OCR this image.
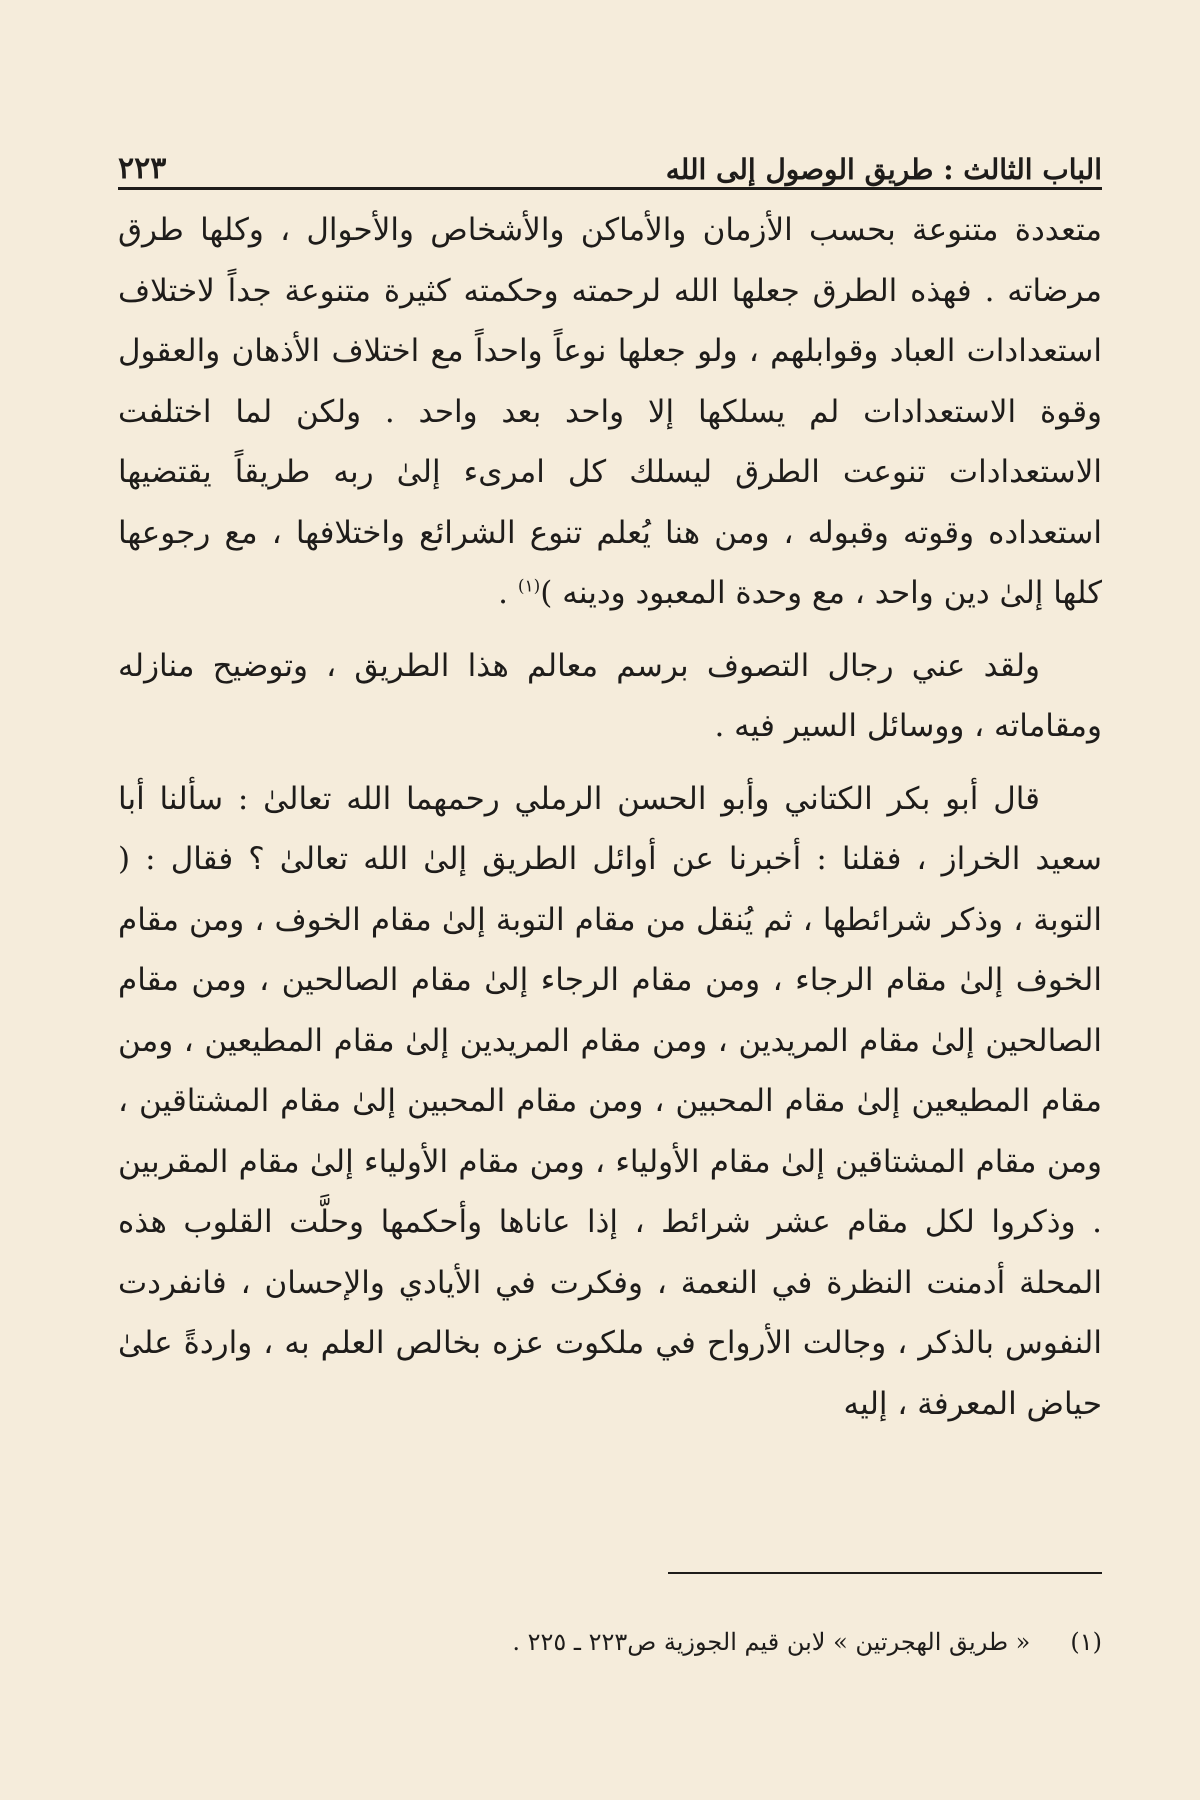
الباب الثالث : طريق الوصول إلى الله
٢٢٣

متعددة متنوعة بحسب الأزمان والأماكن والأشخاص والأحوال ، وكلها طرق مرضاته . فهذه الطرق جعلها الله لرحمته وحكمته كثيرة متنوعة جداً لاختلاف استعدادات العباد وقوابلهم ، ولو جعلها نوعاً واحداً مع اختلاف الأذهان والعقول وقوة الاستعدادات لم يسلكها إلا واحد بعد واحد . ولكن لما اختلفت الاستعدادات تنوعت الطرق ليسلك كل امرىء إلىٰ ربه طريقاً يقتضيها استعداده وقوته وقبوله ، ومن هنا يُعلم تنوع الشرائع واختلافها ، مع رجوعها كلها إلىٰ دين واحد ، مع وحدة المعبود ودينه )$^{(١)}$ .

ولقد عني رجال التصوف برسم معالم هذا الطريق ، وتوضيح منازله ومقاماته ، ووسائل السير فيه .

قال أبو بكر الكتاني وأبو الحسن الرملي رحمهما الله تعالىٰ : سألنا أبا سعيد الخراز ، فقلنا : أخبرنا عن أوائل الطريق إلىٰ الله تعالىٰ ؟ فقال : ( التوبة ، وذكر شرائطها ، ثم يُنقل من مقام التوبة إلىٰ مقام الخوف ، ومن مقام الخوف إلىٰ مقام الرجاء ، ومن مقام الرجاء إلىٰ مقام الصالحين ، ومن مقام الصالحين إلىٰ مقام المريدين ، ومن مقام المريدين إلىٰ مقام المطيعين ، ومن مقام المطيعين إلىٰ مقام المحبين ، ومن مقام المحبين إلىٰ مقام المشتاقين ، ومن مقام المشتاقين إلىٰ مقام الأولياء ، ومن مقام الأولياء إلىٰ مقام المقربين . وذكروا لكل مقام عشر شرائط ، إذا عاناها وأحكمها وحلَّت القلوب هذه المحلة أدمنت النظرة في النعمة ، وفكرت في الأيادي والإحسان ، فانفردت النفوس بالذكر ، وجالت الأرواح في ملكوت عزه بخالص العلم به ، واردةً علىٰ حياض المعرفة ، إليه

(١)« طريق الهجرتين » لابن قيم الجوزية ص٢٢٣ ـ ٢٢٥ .
